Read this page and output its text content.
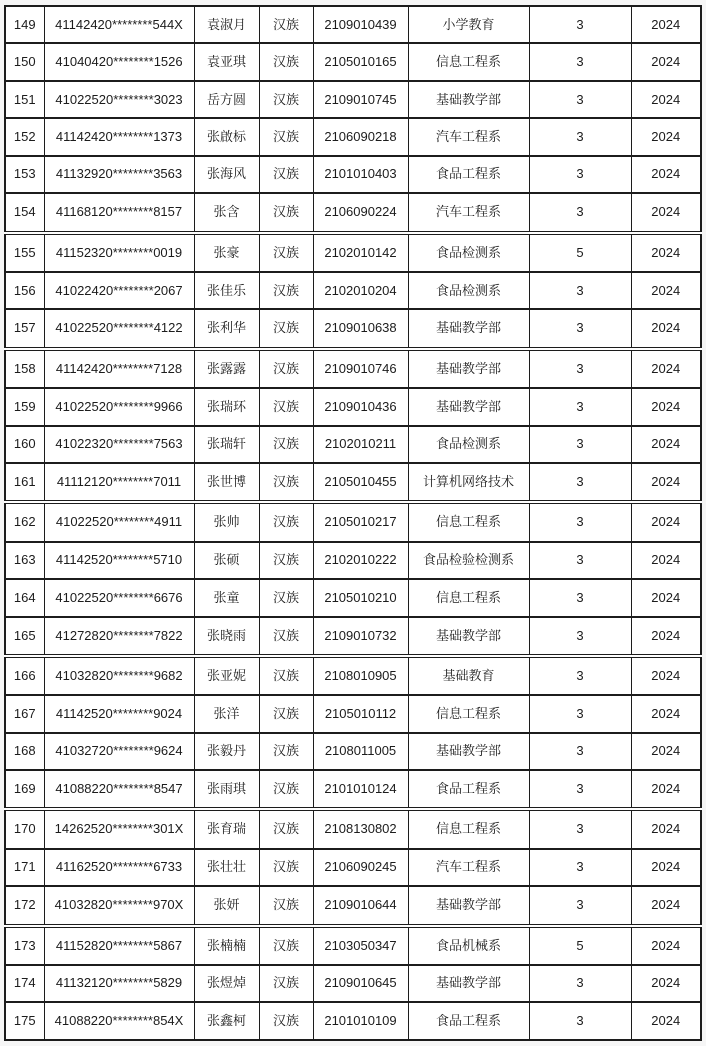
149	41142420********544X	袁淑月	汉族	2109010439	小学教育	3	2024
150	41040420********1526	袁亚琪	汉族	2105010165	信息工程系	3	2024
151	41022520********3023	岳方圆	汉族	2109010745	基础教学部	3	2024
152	41142420********1373	张啟标	汉族	2106090218	汽车工程系	3	2024
153	41132920********3563	张海风	汉族	2101010403	食品工程系	3	2024
154	41168120********8157	张含	汉族	2106090224	汽车工程系	3	2024
155	41152320********0019	张豪	汉族	2102010142	食品检测系	5	2024
156	41022420********2067	张佳乐	汉族	2102010204	食品检测系	3	2024
157	41022520********4122	张利华	汉族	2109010638	基础教学部	3	2024
158	41142420********7128	张露露	汉族	2109010746	基础教学部	3	2024
159	41022520********9966	张瑞环	汉族	2109010436	基础教学部	3	2024
160	41022320********7563	张瑞轩	汉族	2102010211	食品检测系	3	2024
161	41112120********7011	张世博	汉族	2105010455	计算机网络技术	3	2024
162	41022520********4911	张帅	汉族	2105010217	信息工程系	3	2024
163	41142520********5710	张硕	汉族	2102010222	食品检验检测系	3	2024
164	41022520********6676	张童	汉族	2105010210	信息工程系	3	2024
165	41272820********7822	张晓雨	汉族	2109010732	基础教学部	3	2024
166	41032820********9682	张亚妮	汉族	2108010905	基础教育	3	2024
167	41142520********9024	张洋	汉族	2105010112	信息工程系	3	2024
168	41032720********9624	张毅丹	汉族	2108011005	基础教学部	3	2024
169	41088220********8547	张雨琪	汉族	2101010124	食品工程系	3	2024
170	14262520********301X	张育瑞	汉族	2108130802	信息工程系	3	2024
171	41162520********6733	张壮壮	汉族	2106090245	汽车工程系	3	2024
172	41032820********970X	张妍	汉族	2109010644	基础教学部	3	2024
173	41152820********5867	张楠楠	汉族	2103050347	食品机械系	5	2024
174	41132120********5829	张煜焯	汉族	2109010645	基础教学部	3	2024
175	41088220********854X	张鑫柯	汉族	2101010109	食品工程系	3	2024
